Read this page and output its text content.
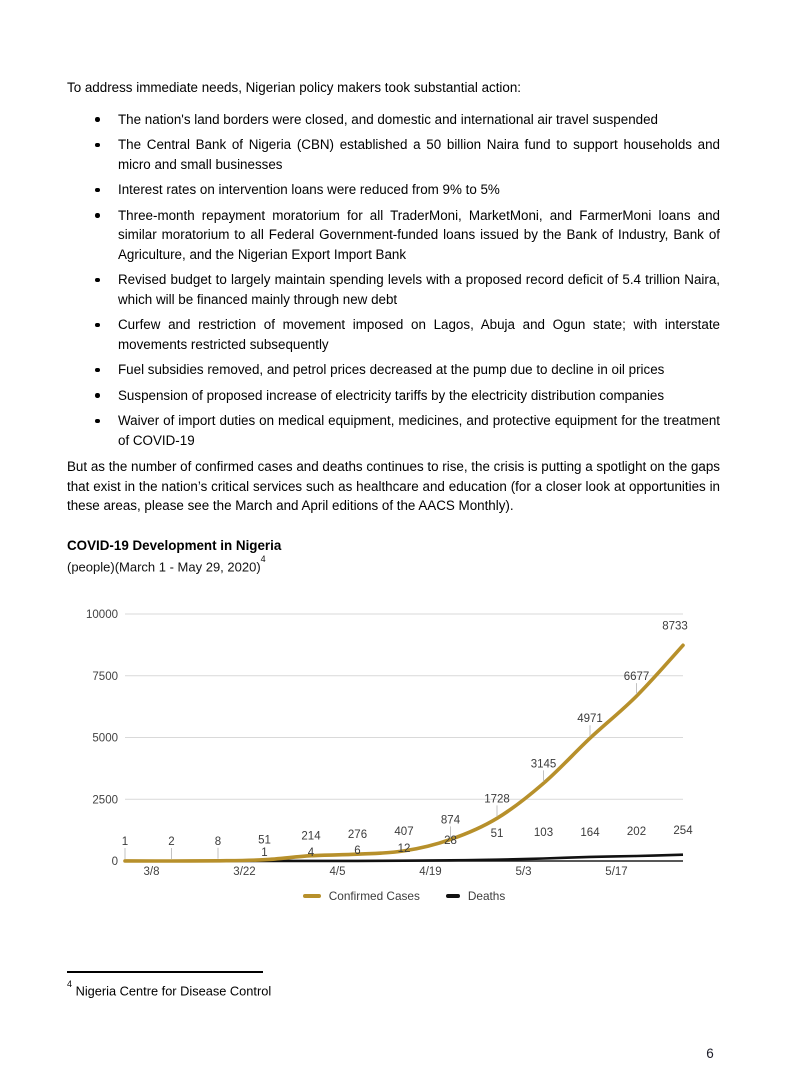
To address immediate needs, Nigerian policy makers took substantial action:

The nation's land borders were closed, and domestic and international air travel suspended
The Central Bank of Nigeria (CBN) established a 50 billion Naira fund to support households and micro and small businesses
Interest rates on intervention loans were reduced from 9% to 5%
Three-month repayment moratorium for all TraderMoni, MarketMoni, and FarmerMoni loans and similar moratorium to all Federal Government-funded loans issued by the Bank of Industry, Bank of Agriculture, and the Nigerian Export Import Bank
Revised budget to largely maintain spending levels with a proposed record deficit of 5.4 trillion Naira, which will be financed mainly through new debt
Curfew and restriction of movement imposed on Lagos, Abuja and Ogun state; with interstate movements restricted subsequently
Fuel subsidies removed, and petrol prices decreased at the pump due to decline in oil prices
Suspension of proposed increase of electricity tariffs by the electricity distribution companies
Waiver of import duties on medical equipment, medicines, and protective equipment for the treatment of COVID-19

But as the number of confirmed cases and deaths continues to rise, the crisis is putting a spotlight on the gaps that exist in the nation’s critical services such as healthcare and education (for a closer look at opportunities in these areas, please see the March and April editions of the AACS Monthly).

COVID-19 Development in Nigeria
(people)(March 1 - May 29, 2020)$^4$
1	2	8	51	214 276 407
874
1728
3145
4971
6677
8733
1	4	6	12
28
51	103 164 202 254
0
2500
5000
7500
10000
3/8	3/22	4/5	4/19	5/3	5/17
Confirmed Cases	Deaths

$^4$ Nigeria Centre for Disease Control

6
